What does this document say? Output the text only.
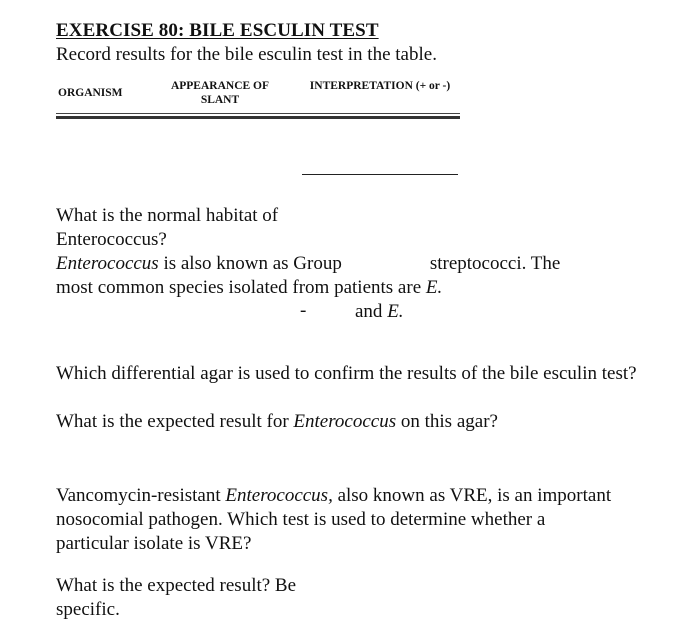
EXERCISE 80: BILE ESCULIN TEST

Record results for the bile esculin test in the table.

ORGANISM
APPEARANCE OF SLANT
INTERPRETATION (+ or -)

What is the normal habitat of Enterococcus?

Enterococcus is also known as Group	streptococci. The

most common species isolated from patients are E.

-	and E.

Which differential agar is used to confirm the results of the bile esculin test?

What is the expected result for Enterococcus on this agar?

Vancomycin-resistant Enterococcus, also known as VRE, is an important nosocomial pathogen. Which test is used to determine whether a particular isolate is VRE?

What is the expected result? Be specific.
